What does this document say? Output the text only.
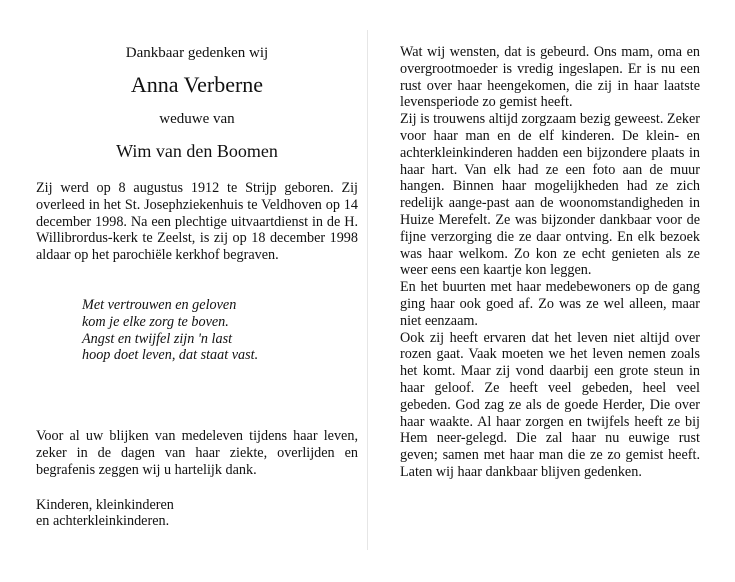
Dankbaar gedenken wij
Anna Verberne
weduwe van
Wim van den Boomen

Zij werd op 8 augustus 1912 te Strijp geboren. Zij overleed in het St. Josephziekenhuis te Veldhoven op 14 december 1998. Na een plechtige uitvaartdienst in de H. Willibrordus-kerk te Zeelst, is zij op 18 december 1998 aldaar op het parochiële kerkhof begraven.

Met vertrouwen en geloven
kom je elke zorg te boven.
Angst en twijfel zijn 'n last
hoop doet leven, dat staat vast.

Voor al uw blijken van medeleven tijdens haar leven, zeker in de dagen van haar ziekte, overlijden en begrafenis zeggen wij u hartelijk dank.

Kinderen, kleinkinderen
en achterkleinkinderen.

Wat wij wensten, dat is gebeurd. Ons mam, oma en overgrootmoeder is vredig ingeslapen. Er is nu een rust over haar heengekomen, die zij in haar laatste levensperiode zo gemist heeft.

Zij is trouwens altijd zorgzaam bezig geweest. Zeker voor haar man en de elf kinderen. De klein- en achterkleinkinderen hadden een bijzondere plaats in haar hart. Van elk had ze een foto aan de muur hangen. Binnen haar mogelijkheden had ze zich redelijk aange-past aan de woonomstandigheden in Huize Merefelt. Ze was bijzonder dankbaar voor de fijne verzorging die ze daar ontving. En elk bezoek was haar welkom. Zo kon ze echt genieten als ze weer eens een kaartje kon leggen.

En het buurten met haar medebewoners op de gang ging haar ook goed af. Zo was ze wel alleen, maar niet eenzaam.

Ook zij heeft ervaren dat het leven niet altijd over rozen gaat. Vaak moeten we het leven nemen zoals het komt. Maar zij vond daarbij een grote steun in haar geloof. Ze heeft veel gebeden, heel veel gebeden. God zag ze als de goede Herder, Die over haar waakte. Al haar zorgen en twijfels heeft ze bij Hem neer-gelegd. Die zal haar nu euwige rust geven; samen met haar man die ze zo gemist heeft. Laten wij haar dankbaar blijven gedenken.
